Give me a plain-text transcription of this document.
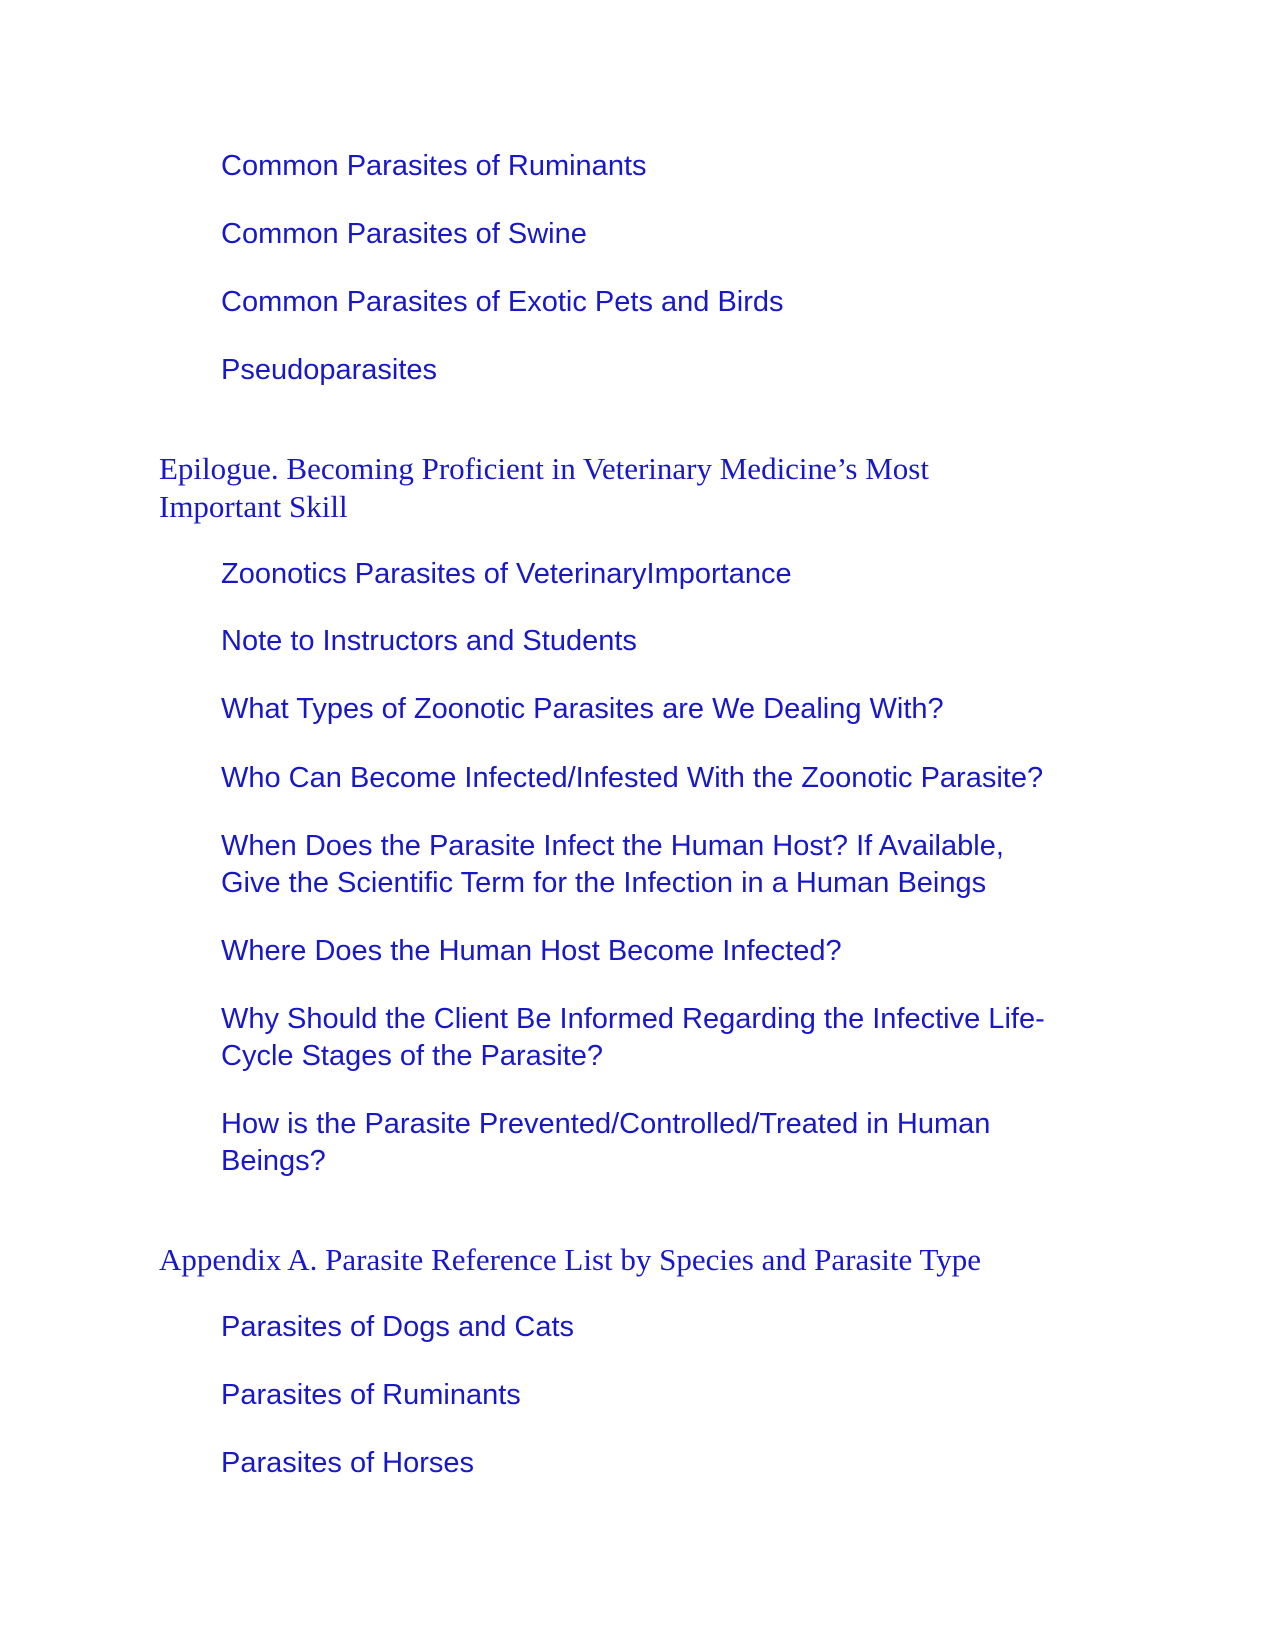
Common Parasites of Ruminants
Common Parasites of Swine
Common Parasites of Exotic Pets and Birds
Pseudoparasites
Epilogue. Becoming Proficient in Veterinary Medicine’s Most
Important Skill
Zoonotics Parasites of VeterinaryImportance
Note to Instructors and Students
What Types of Zoonotic Parasites are We Dealing With?
Who Can Become Infected/Infested With the Zoonotic Parasite?
When Does the Parasite Infect the Human Host? If Available,
Give the Scientific Term for the Infection in a Human Beings
Where Does the Human Host Become Infected?
Why Should the Client Be Informed Regarding the Infective Life-
Cycle Stages of the Parasite?
How is the Parasite Prevented/Controlled/Treated in Human
Beings?
Appendix A. Parasite Reference List by Species and Parasite Type
Parasites of Dogs and Cats
Parasites of Ruminants
Parasites of Horses
